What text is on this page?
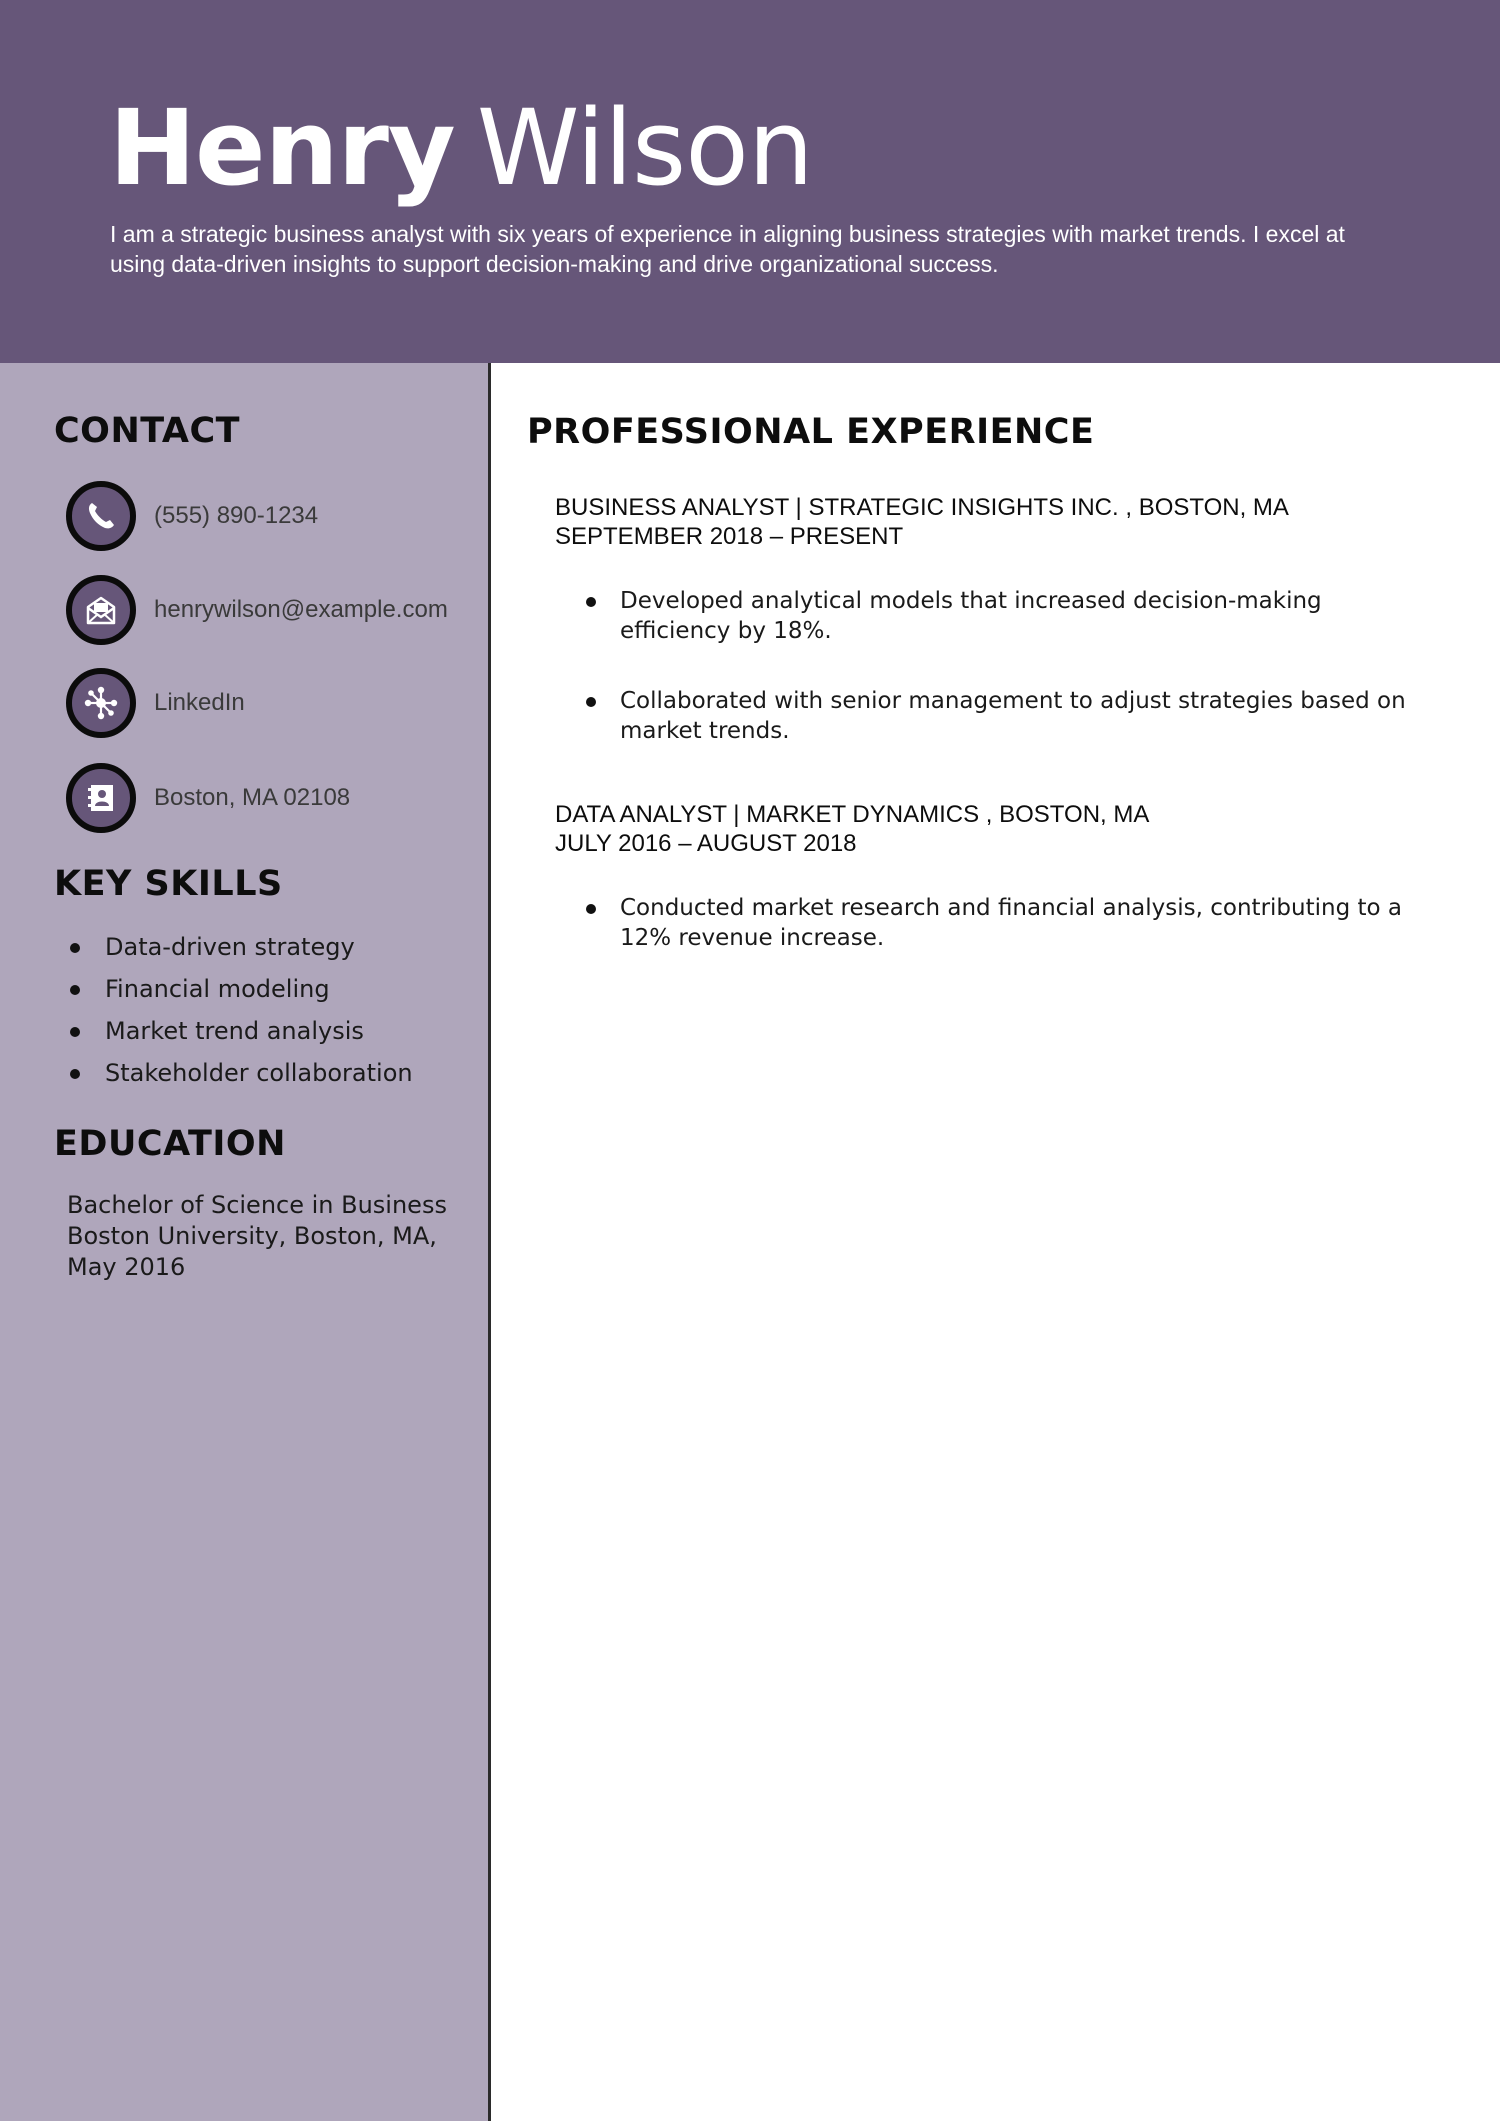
Henry Wilson
I am a strategic business analyst with six years of experience in aligning business strategies with market trends. I excel at using data-driven insights to support decision-making and drive organizational success.
CONTACT
(555) 890-1234
henrywilson@example.com
LinkedIn
Boston, MA 02108
KEY SKILLS
Data-driven strategy
Financial modeling
Market trend analysis
Stakeholder collaboration
EDUCATION
Bachelor of Science in Business
Boston University, Boston, MA,
May 2016
PROFESSIONAL EXPERIENCE
BUSINESS ANALYST | STRATEGIC INSIGHTS INC. , BOSTON, MA
SEPTEMBER 2018 – PRESENT
Developed analytical models that increased decision-making efficiency by 18%.
Collaborated with senior management to adjust strategies based on market trends.
DATA ANALYST | MARKET DYNAMICS , BOSTON, MA
JULY 2016 – AUGUST 2018
Conducted market research and financial analysis, contributing to a 12% revenue increase.
